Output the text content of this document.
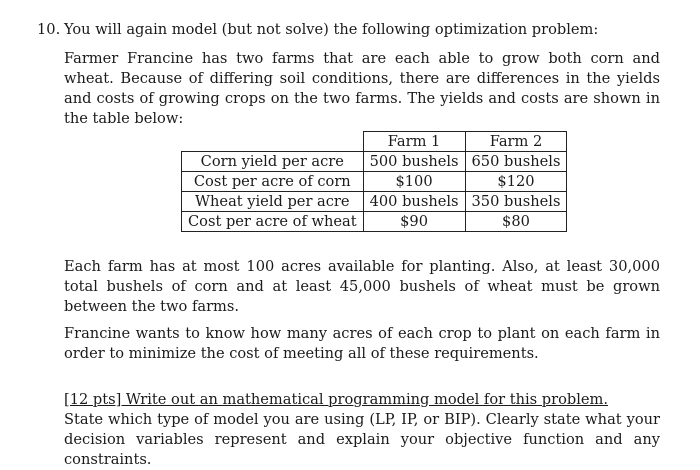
10. You will again model (but not solve) the following optimization problem:
Farmer Francine has two farms that are each able to grow both corn and wheat. Because of differing soil conditions, there are differences in the yields and costs of growing crops on the two farms. The yields and costs are shown in the table below:
	Farm 1	Farm 2
Corn yield per acre	500 bushels	650 bushels
Cost per acre of corn	$100	$120
Wheat yield per acre	400 bushels	350 bushels
Cost per acre of wheat	$90	$80
Each farm has at most 100 acres available for planting. Also, at least 30,000 total bushels of corn and at least 45,000 bushels of wheat must be grown between the two farms.
Francine wants to know how many acres of each crop to plant on each farm in order to minimize the cost of meeting all of these requirements.
[12 pts] Write out an mathematical programming model for this problem.
State which type of model you are using (LP, IP, or BIP). Clearly state what your decision variables represent and explain your objective function and any constraints.
